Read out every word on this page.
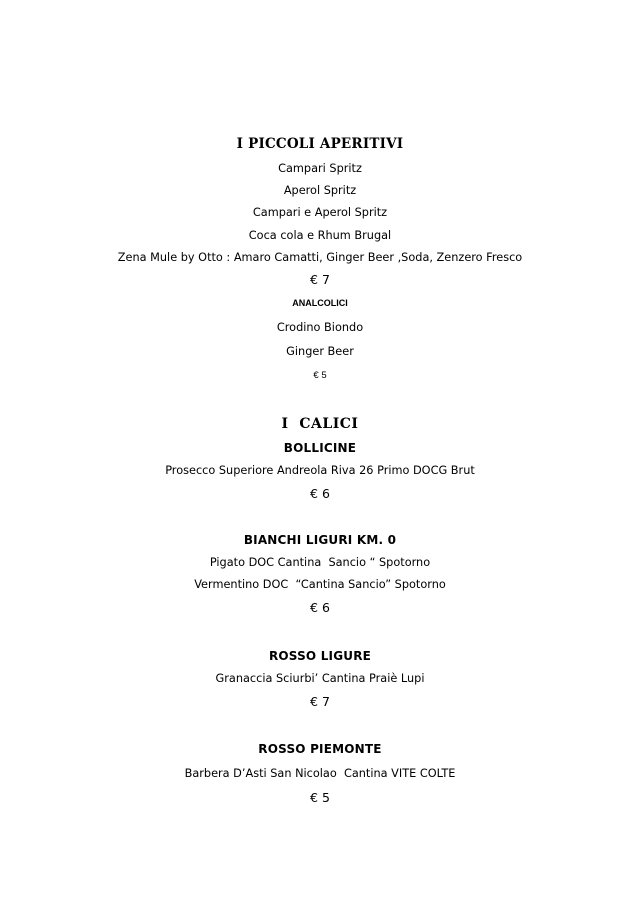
I PICCOLI APERITIVI
Campari Spritz
Aperol Spritz
Campari e Aperol Spritz
Coca cola e Rhum Brugal
Zena Mule by Otto : Amaro Camatti, Ginger Beer ,Soda, Zenzero Fresco
€ 7
ANALCOLICI
Crodino Biondo
Ginger Beer
€ 5
I  CALICI
BOLLICINE
Prosecco Superiore Andreola Riva 26 Primo DOCG Brut
€ 6
BIANCHI LIGURI KM. 0
Pigato DOC Cantina  Sancio “ Spotorno
Vermentino DOC  “Cantina Sancio” Spotorno
€ 6
ROSSO LIGURE
Granaccia Sciurbi’ Cantina Praiè Lupi
€ 7
ROSSO PIEMONTE
Barbera D’Asti San Nicolao  Cantina VITE COLTE
€ 5
